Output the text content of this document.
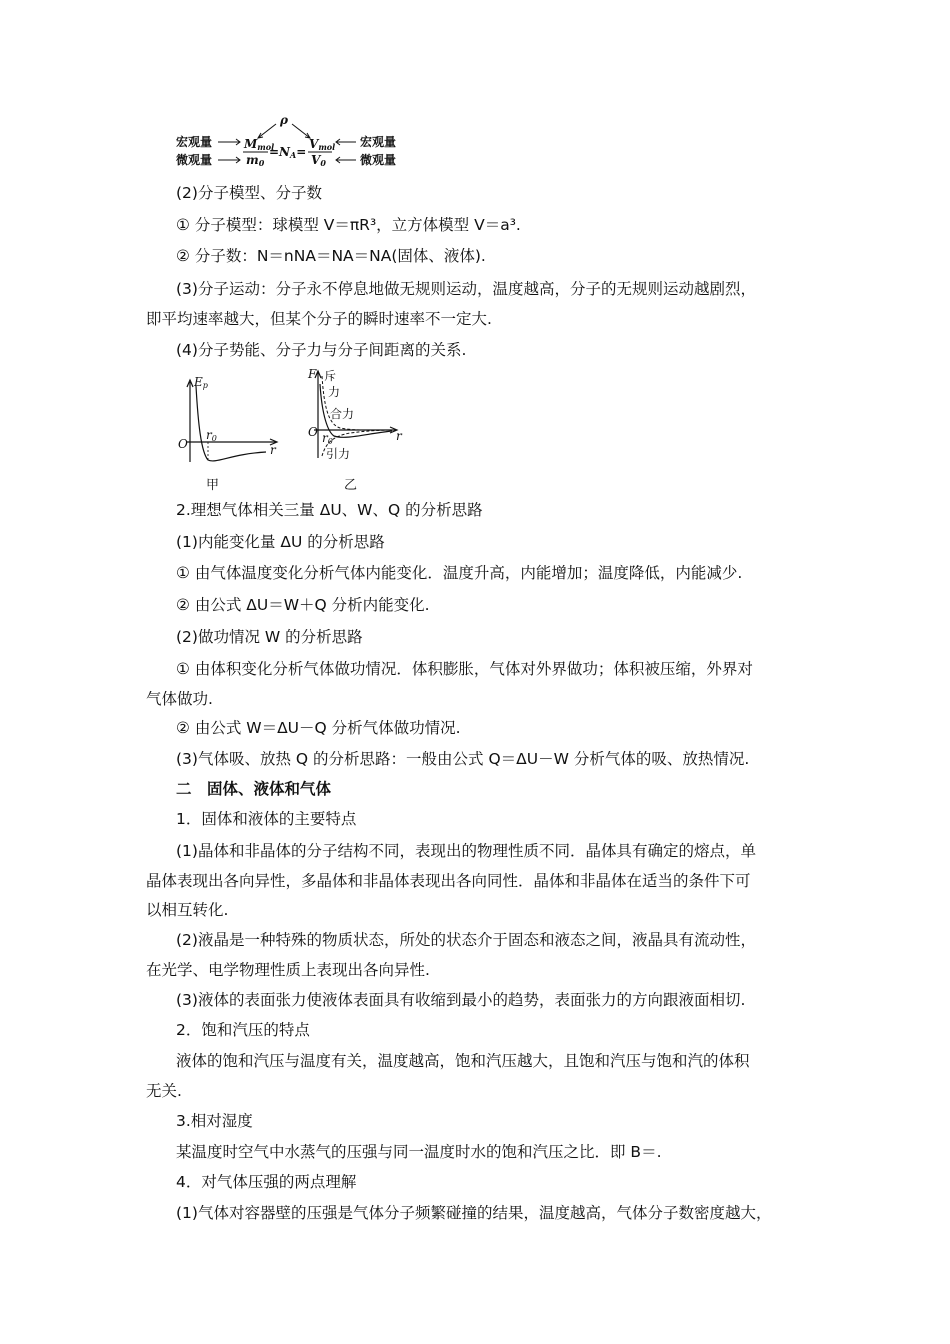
ρ
宏观量
微观量
Mmol
m0
=NA=
Vmol
V0
宏观量
微观量
(2)分子模型、分子数
① 分子模型：球模型 V＝πR³，立方体模型 V＝a³.
② 分子数：N＝nNA＝NA＝NA(固体、液体).
(3)分子运动：分子永不停息地做无规则运动，温度越高，分子的无规则运动越剧烈，
即平均速率越大，但某个分子的瞬时速率不一定大.
(4)分子势能、分子力与分子间距离的关系.
Ep
O
r0
r
甲
F 斥
力
合力
O r0
引力
r
乙
2.理想气体相关三量 ΔU、W、Q 的分析思路
(1)内能变化量 ΔU 的分析思路
① 由气体温度变化分析气体内能变化．温度升高，内能增加；温度降低，内能减少.
② 由公式 ΔU＝W＋Q 分析内能变化.
(2)做功情况 W 的分析思路
① 由体积变化分析气体做功情况．体积膨胀，气体对外界做功；体积被压缩，外界对
气体做功.
② 由公式 W＝ΔU－Q 分析气体做功情况.
(3)气体吸、放热 Q 的分析思路：一般由公式 Q＝ΔU－W 分析气体的吸、放热情况.
二　固体、液体和气体
1．固体和液体的主要特点
(1)晶体和非晶体的分子结构不同，表现出的物理性质不同．晶体具有确定的熔点，单
晶体表现出各向异性，多晶体和非晶体表现出各向同性．晶体和非晶体在适当的条件下可
以相互转化.
(2)液晶是一种特殊的物质状态，所处的状态介于固态和液态之间，液晶具有流动性，
在光学、电学物理性质上表现出各向异性.
(3)液体的表面张力使液体表面具有收缩到最小的趋势，表面张力的方向跟液面相切.
2．饱和汽压的特点
液体的饱和汽压与温度有关，温度越高，饱和汽压越大，且饱和汽压与饱和汽的体积
无关.
3.相对湿度
某温度时空气中水蒸气的压强与同一温度时水的饱和汽压之比．即 B＝.
4．对气体压强的两点理解
(1)气体对容器壁的压强是气体分子频繁碰撞的结果，温度越高，气体分子数密度越大，
